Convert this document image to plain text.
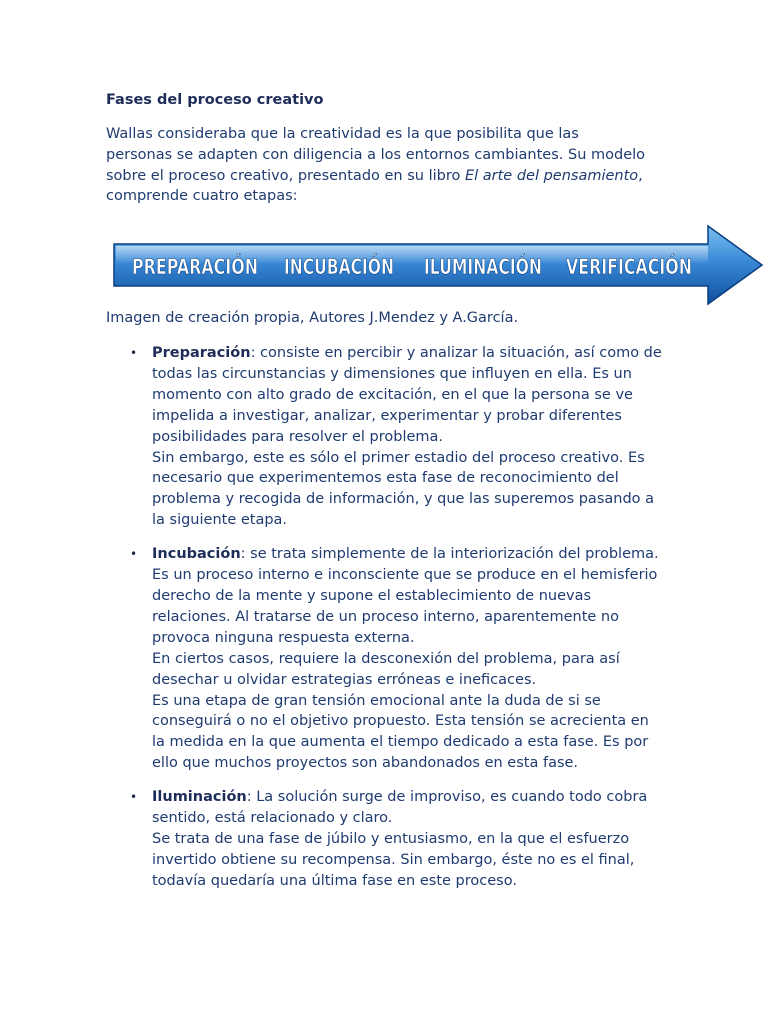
Fases del proceso creativo

Wallas consideraba que la creatividad es la que posibilita que las personas se adapten con diligencia a los entornos cambiantes. Su modelo sobre el proceso creativo, presentado en su libro El arte del pensamiento, comprende cuatro etapas:

Imagen de creación propia, Autores J.Mendez y A.García.

• Preparación: consiste en percibir y analizar la situación, así como de todas las circunstancias y dimensiones que influyen en ella. Es un momento con alto grado de excitación, en el que la persona se ve impelida a investigar, analizar, experimentar y probar diferentes posibilidades para resolver el problema.

Sin embargo, este es sólo el primer estadio del proceso creativo. Es necesario que experimentemos esta fase de reconocimiento del problema y recogida de información, y que las superemos pasando a la siguiente etapa.

• Incubación: se trata simplemente de la interiorización del problema. Es un proceso interno e inconsciente que se produce en el hemisferio derecho de la mente y supone el establecimiento de nuevas relaciones. Al tratarse de un proceso interno, aparentemente no provoca ninguna respuesta externa.

En ciertos casos, requiere la desconexión del problema, para así desechar u olvidar estrategias erróneas e ineficaces.

Es una etapa de gran tensión emocional ante la duda de si se conseguirá o no el objetivo propuesto. Esta tensión se acrecienta en la medida en la que aumenta el tiempo dedicado a esta fase. Es por ello que muchos proyectos son abandonados en esta fase.

• Iluminación: La solución surge de improviso, es cuando todo cobra sentido, está relacionado y claro.

Se trata de una fase de júbilo y entusiasmo, en la que el esfuerzo invertido obtiene su recompensa. Sin embargo, éste no es el final, todavía quedaría una última fase en este proceso.

PREPARACIÓN
INCUBACIÓN
ILUMINACIÓN
VERIFICACIÓN
